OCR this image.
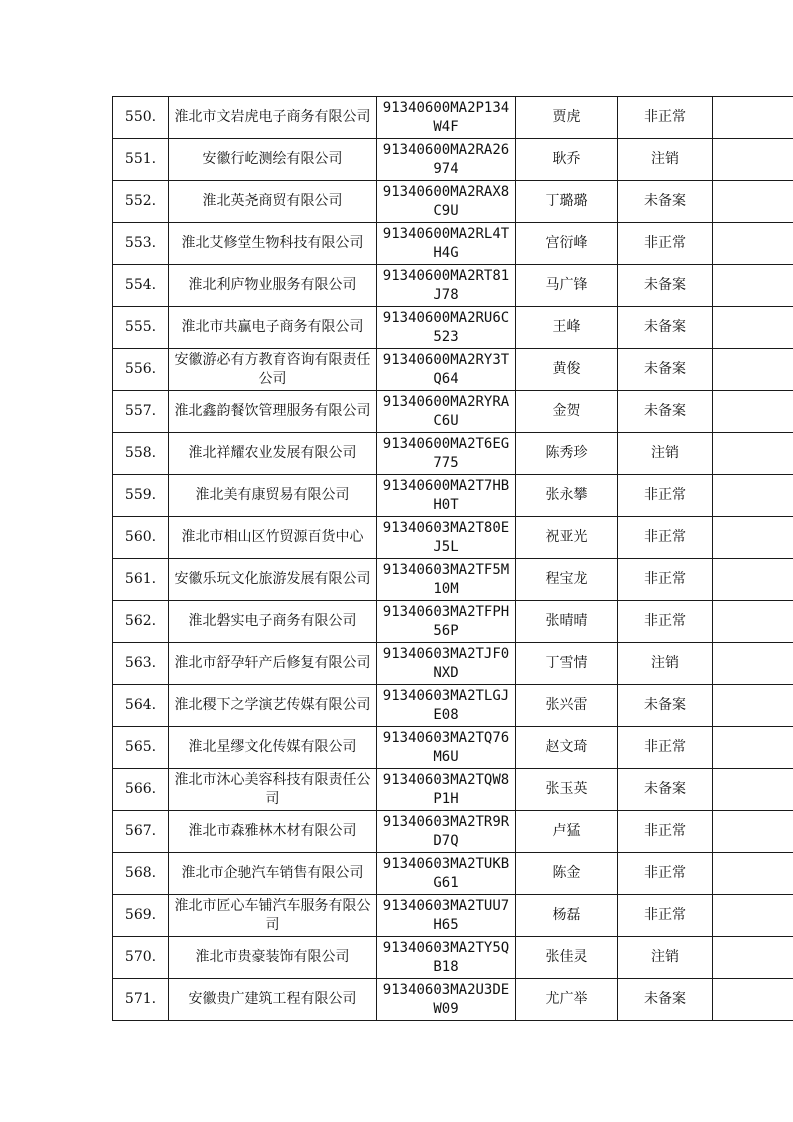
550.	淮北市文岩虎电子商务有限公司	91340600MA2P134W4F	贾虎	非正常	
551.	安徽行屹测绘有限公司	91340600MA2RA26974	耿乔	注销	
552.	淮北英尧商贸有限公司	91340600MA2RAX8C9U	丁璐璐	未备案	
553.	淮北艾修堂生物科技有限公司	91340600MA2RL4TH4G	宫衍峰	非正常	
554.	淮北利庐物业服务有限公司	91340600MA2RT81J78	马广锋	未备案	
555.	淮北市共赢电子商务有限公司	91340600MA2RU6C523	王峰	未备案	
556.	安徽游必有方教育咨询有限责任公司	91340600MA2RY3TQ64	黄俊	未备案	
557.	淮北鑫韵餐饮管理服务有限公司	91340600MA2RYRAC6U	金贺	未备案	
558.	淮北祥耀农业发展有限公司	91340600MA2T6EG775	陈秀珍	注销	
559.	淮北美有康贸易有限公司	91340600MA2T7HBH0T	张永攀	非正常	
560.	淮北市相山区竹贸源百货中心	91340603MA2T80EJ5L	祝亚光	非正常	
561.	安徽乐玩文化旅游发展有限公司	91340603MA2TF5M10M	程宝龙	非正常	
562.	淮北磐实电子商务有限公司	91340603MA2TFPH56P	张晴晴	非正常	
563.	淮北市舒孕轩产后修复有限公司	91340603MA2TJF0NXD	丁雪情	注销	
564.	淮北稷下之学演艺传媒有限公司	91340603MA2TLGJE08	张兴雷	未备案	
565.	淮北星缪文化传媒有限公司	91340603MA2TQ76M6U	赵文琦	非正常	
566.	淮北市沐心美容科技有限责任公司	91340603MA2TQW8P1H	张玉英	未备案	
567.	淮北市森雅林木材有限公司	91340603MA2TR9RD7Q	卢猛	非正常	
568.	淮北市企驰汽车销售有限公司	91340603MA2TUKBG61	陈金	非正常	
569.	淮北市匠心车铺汽车服务有限公司	91340603MA2TUU7H65	杨磊	非正常	
570.	淮北市贵豪装饰有限公司	91340603MA2TY5QB18	张佳灵	注销	
571.	安徽贵广建筑工程有限公司	91340603MA2U3DEW09	尤广举	未备案	
